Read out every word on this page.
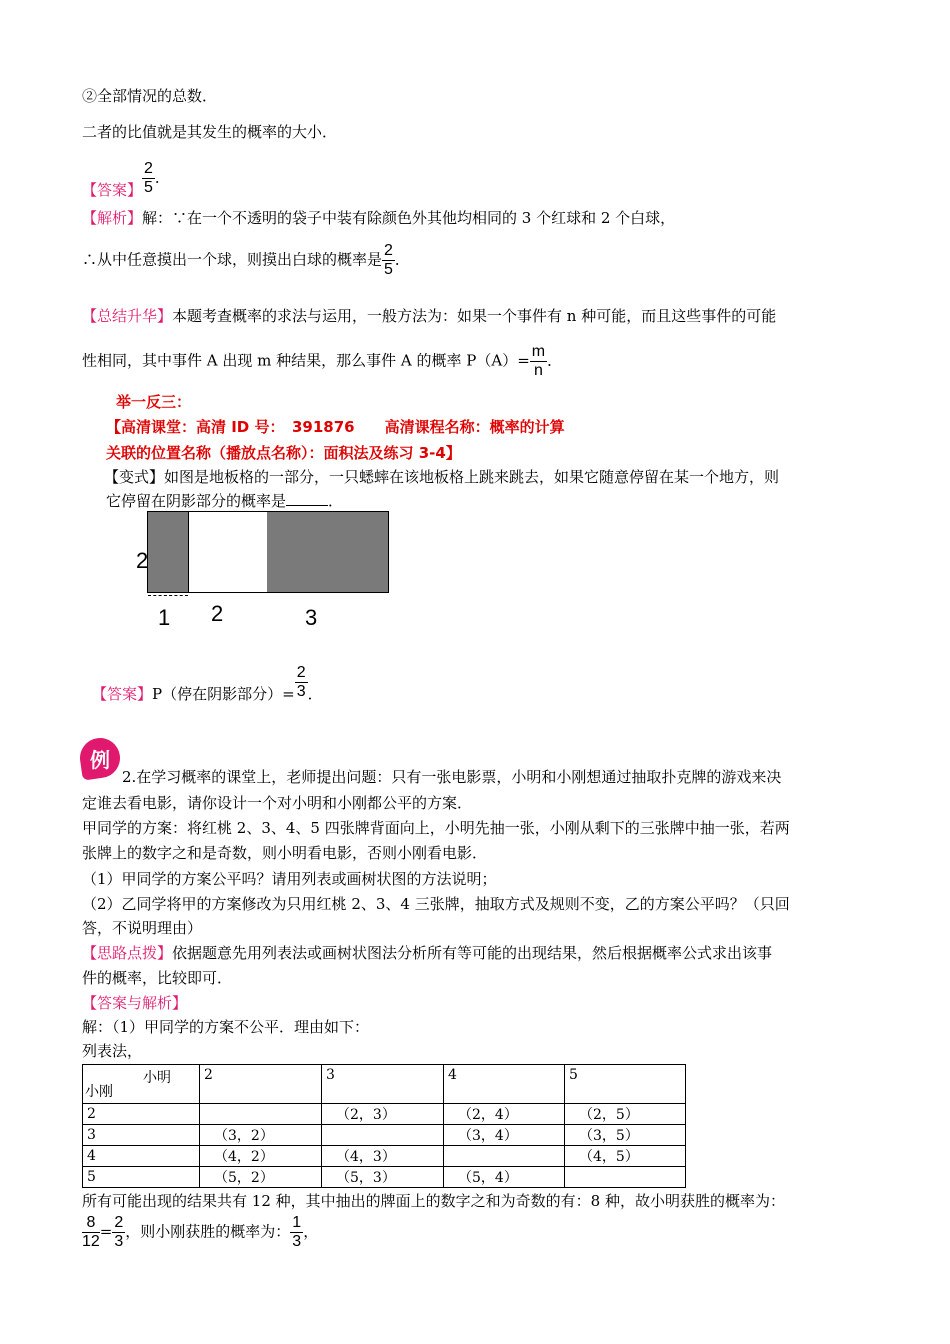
②全部情况的总数．
二者的比值就是其发生的概率的大小．
【答案】 $\frac{2}{5}$ ．
【解析】解：∵在一个不透明的袋子中装有除颜色外其他均相同的 3 个红球和 2 个白球，
∴从中任意摸出一个球，则摸出白球的概率是 $\frac{2}{5}$ ．
【总结升华】本题考查概率的求法与运用，一般方法为：如果一个事件有 n 种可能，而且这些事件的可能
性相同，其中事件 A 出现 m 种结果，那么事件 A 的概率 $P(A)= \frac{m}{n}$ ．
举一反三：
【高清课堂：高清 ID 号：　391876　　高清课程名称：概率的计算
关联的位置名称（播放点名称）：面积法及练习 3-4】
【变式】如图是地板格的一部分，一只蟋蟀在该地板格上跳来跳去，如果它随意停留在某一个地方，则
它停留在阴影部分的概率是	．
2
1 2	3
【答案】P（停在阴影部分）= $\frac{2}{3}$ ．
例
2.在学习概率的课堂上，老师提出问题：只有一张电影票，小明和小刚想通过抽取扑克牌的游戏来决
定谁去看电影，请你设计一个对小明和小刚都公平的方案．
甲同学的方案：将红桃 2、3、4、5 四张牌背面向上，小明先抽一张，小刚从剩下的三张牌中抽一张，若两
张牌上的数字之和是奇数，则小明看电影，否则小刚看电影．
（1）甲同学的方案公平吗？请用列表或画树状图的方法说明；
（2）乙同学将甲的方案修改为只用红桃 2、3、4 三张牌，抽取方式及规则不变，乙的方案公平吗？（只回
答，不说明理由）
【思路点拨】依据题意先用列表法或画树状图法分析所有等可能的出现结果，然后根据概率公式求出该事
件的概率，比较即可．
【答案与解析】
解：（1）甲同学的方案不公平．理由如下：
列表法，
小明
小刚	2	3	4	5
2		（2，3）	（2，4）	（2，5）
3	（3，2）		（3，4）	（3，5）
4	（4，2）	（4，3）		（4，5）
5	（5，2）	（5，3）	（5，4）	
所有可能出现的结果共有 12 种，其中抽出的牌面上的数字之和为奇数的有：8 种，故小明获胜的概率为：
$\frac{8}{12} = \frac{2}{3}$ ，则小刚获胜的概率为： $\frac{1}{3}$ ，
